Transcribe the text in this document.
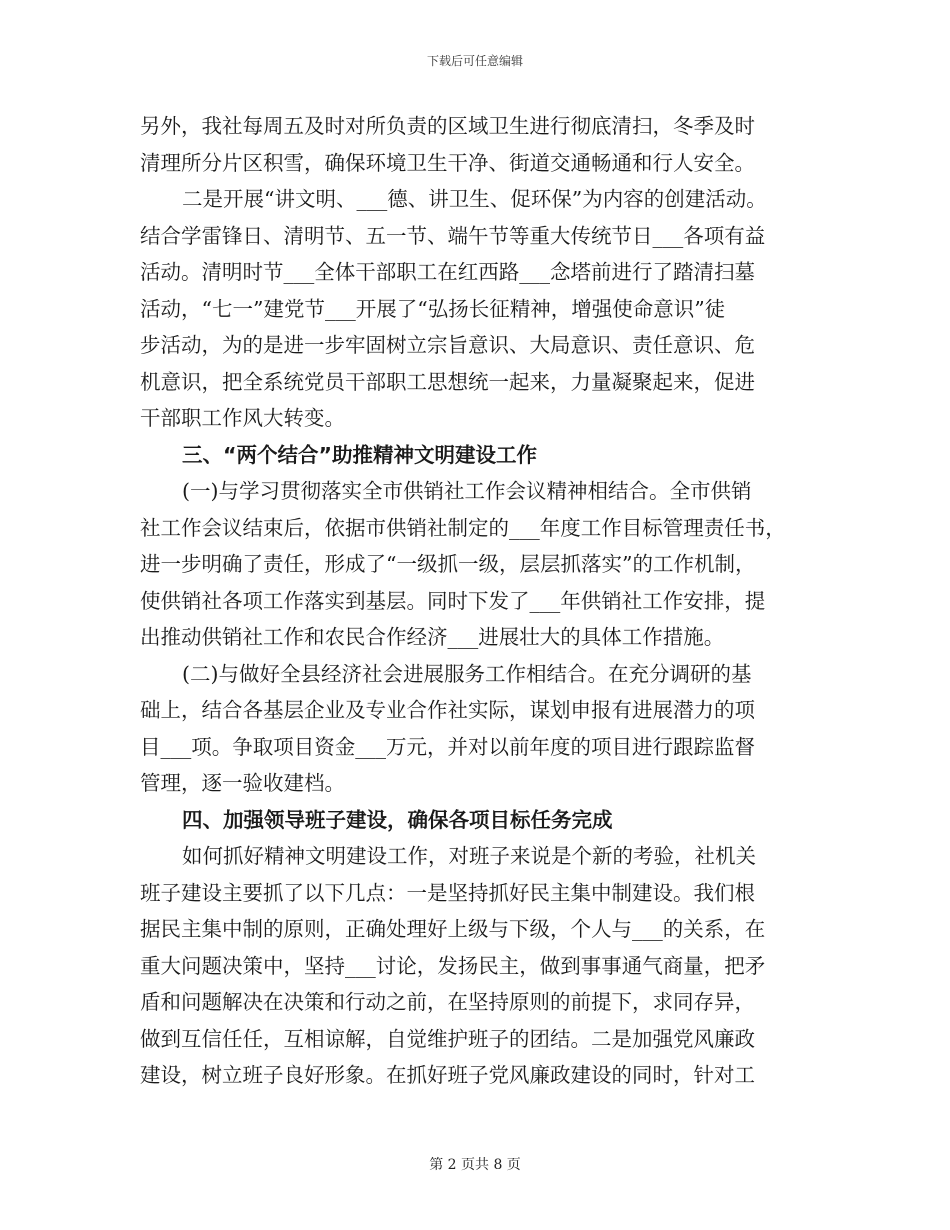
下载后可任意编辑
另外，我社每周五及时对所负责的区域卫生进行彻底清扫，冬季及时
清理所分片区积雪，确保环境卫生干净、街道交通畅通和行人安全。
二是开展“讲文明、___德、讲卫生、促环保”为内容的创建活动。
结合学雷锋日、清明节、五一节、端午节等重大传统节日___各项有益
活动。清明时节___全体干部职工在红西路___念塔前进行了踏清扫墓
活动，“七一”建党节___开展了“弘扬长征精神，增强使命意识”徒
步活动，为的是进一步牢固树立宗旨意识、大局意识、责任意识、危
机意识，把全系统党员干部职工思想统一起来，力量凝聚起来，促进
干部职工作风大转变。
三、“两个结合”助推精神文明建设工作
(一)与学习贯彻落实全市供销社工作会议精神相结合。全市供销
社工作会议结束后，依据市供销社制定的___年度工作目标管理责任书，
进一步明确了责任，形成了“一级抓一级，层层抓落实”的工作机制，
使供销社各项工作落实到基层。同时下发了___年供销社工作安排，提
出推动供销社工作和农民合作经济___进展壮大的具体工作措施。
(二)与做好全县经济社会进展服务工作相结合。在充分调研的基
础上，结合各基层企业及专业合作社实际，谋划申报有进展潜力的项
目___项。争取项目资金___万元，并对以前年度的项目进行跟踪监督
管理，逐一验收建档。
四、加强领导班子建设，确保各项目标任务完成
如何抓好精神文明建设工作，对班子来说是个新的考验，社机关
班子建设主要抓了以下几点：一是坚持抓好民主集中制建设。我们根
据民主集中制的原则，正确处理好上级与下级，个人与___的关系，在
重大问题决策中，坚持___讨论，发扬民主，做到事事通气商量，把矛
盾和问题解决在决策和行动之前，在坚持原则的前提下，求同存异，
做到互信任任，互相谅解，自觉维护班子的团结。二是加强党风廉政
建设，树立班子良好形象。在抓好班子党风廉政建设的同时，针对工
第 2 页共 8 页
